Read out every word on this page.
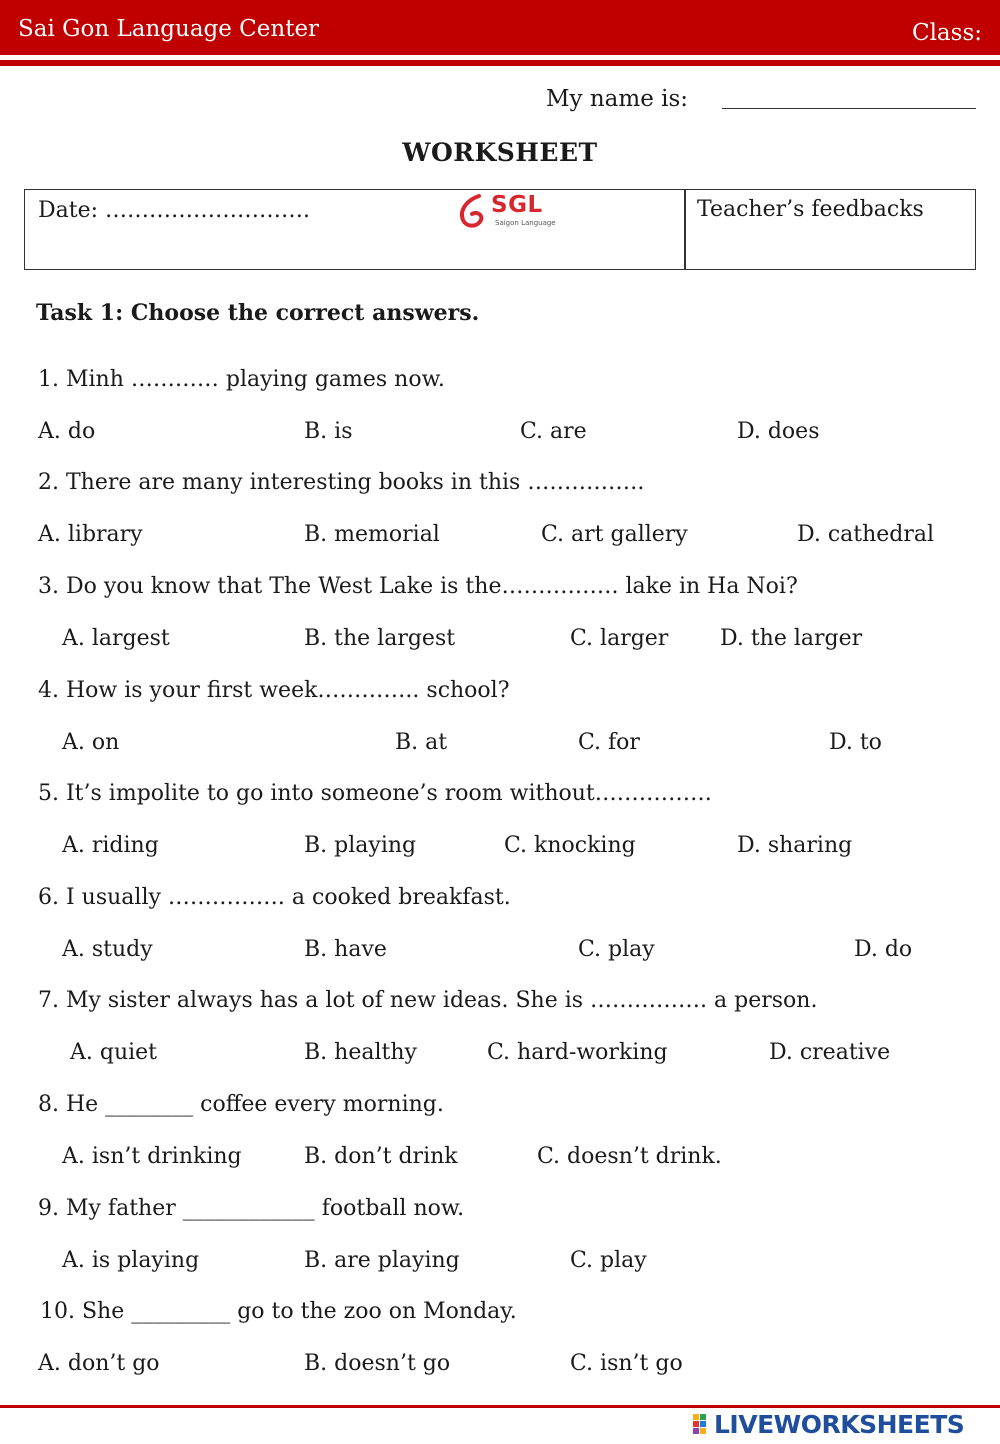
Sai Gon Language Center	Class:
My name is:
WORKSHEET
Date: ……………………….	SGL
Saigon Language
Teacher’s feedbacks
Task 1: Choose the correct answers.
1. Minh ………… playing games now.
A. do	B. is	C. are	D. does
2. There are many interesting books in this …………….
A. library	B. memorial	C. art gallery	D. cathedral
3. Do you know that The West Lake is the……………. lake in Ha Noi?
A. largest	B. the largest	C. larger D. the larger
4. How is your first week………….. school?
A. on	B. at	C. for	D. to
5. It’s impolite to go into someone’s room without…………….
A. riding	B. playing	C. knocking	D. sharing
6. I usually ……………. a cooked breakfast.
A. study	B. have	C. play	D. do
7. My sister always has a lot of new ideas. She is ……………. a person.
A. quiet	B. healthy	C. hard-working	D. creative
8. He ________ coffee every morning.
A. isn’t drinking	B. don’t drink	C. doesn’t drink.
9. My father ____________ football now.
A. is playing	B. are playing	C. play
10. She _________ go to the zoo on Monday.
A. don’t go	B. doesn’t go	C. isn’t go
LIVEWORKSHEETS
